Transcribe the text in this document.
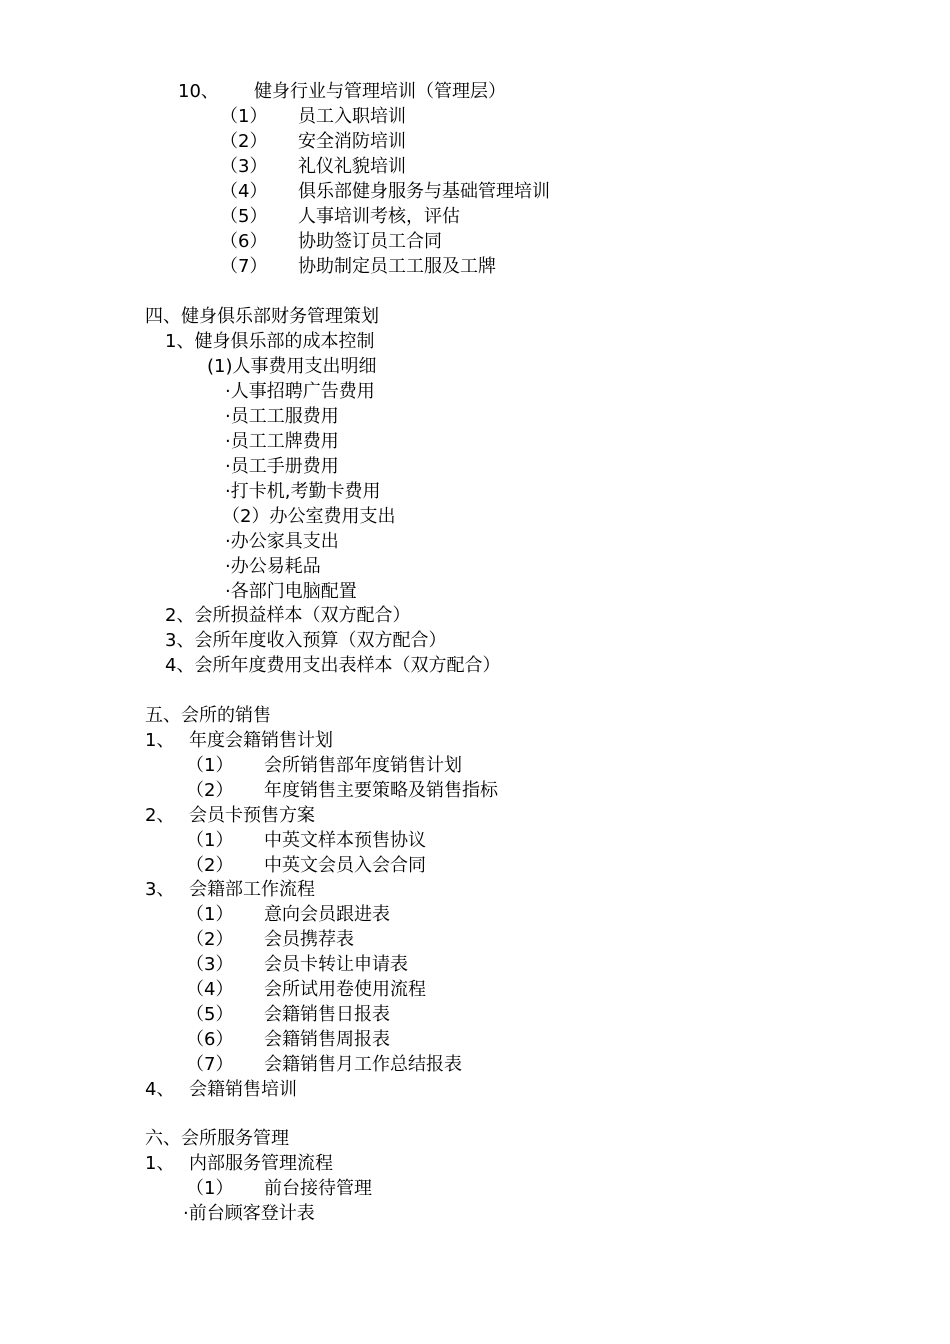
10、 健身行业与管理培训（管理层）
（1） 员工入职培训
（2） 安全消防培训
（3） 礼仪礼貌培训
（4） 俱乐部健身服务与基础管理培训
（5） 人事培训考核，评估
（6） 协助签订员工合同
（7） 协助制定员工工服及工牌
四、健身俱乐部财务管理策划
1、健身俱乐部的成本控制
(1)人事费用支出明细
·人事招聘广告费用
·员工工服费用
·员工工牌费用
·员工手册费用
·打卡机,考勤卡费用
（2）办公室费用支出
·办公家具支出
·办公易耗品
·各部门电脑配置
2、会所损益样本（双方配合）
3、会所年度收入预算（双方配合）
4、会所年度费用支出表样本（双方配合）
五、会所的销售
1、 年度会籍销售计划
（1） 会所销售部年度销售计划
（2） 年度销售主要策略及销售指标
2、 会员卡预售方案
（1） 中英文样本预售协议
（2） 中英文会员入会合同
3、 会籍部工作流程
（1） 意向会员跟进表
（2） 会员携荐表
（3） 会员卡转让申请表
（4） 会所试用卷使用流程
（5） 会籍销售日报表
（6） 会籍销售周报表
（7） 会籍销售月工作总结报表
4、 会籍销售培训
六、会所服务管理
1、 内部服务管理流程
（1） 前台接待管理
·前台顾客登计表
